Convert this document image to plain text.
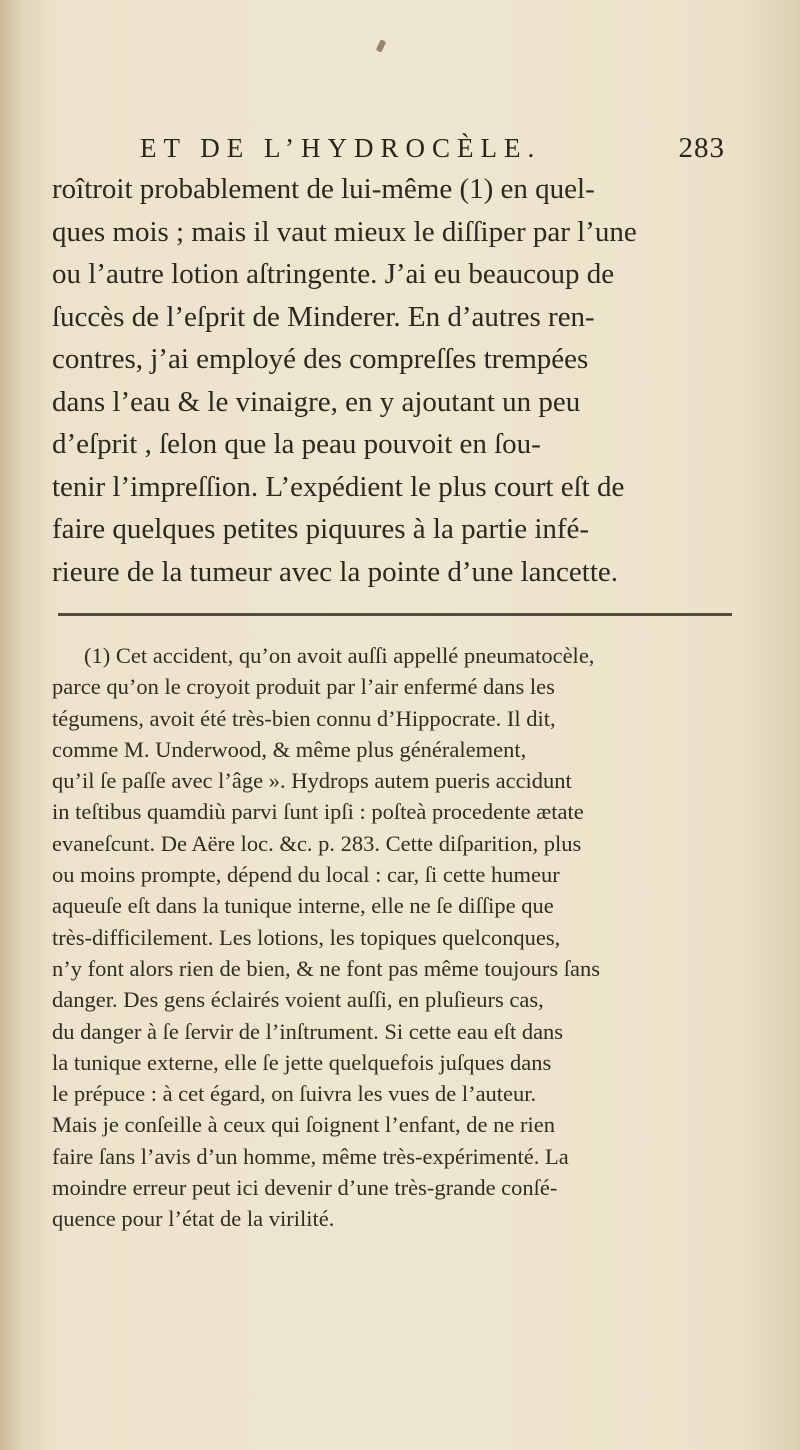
ET DE L’HYDROCÈLE.	283
roîtroit probablement de lui-même (1) en quel-
ques mois ; mais il vaut mieux le diſſiper par l’une
ou l’autre lotion aſtringente. J’ai eu beaucoup de
ſuccès de l’eſprit de Minderer. En d’autres ren-
contres, j’ai employé des compreſſes trempées
dans l’eau & le vinaigre, en y ajoutant un peu
d’eſprit , ſelon que la peau pouvoit en ſou-
tenir l’impreſſion. L’expédient le plus court eſt de
faire quelques petites piquures à la partie infé-
rieure de la tumeur avec la pointe d’une lancette.
(1) Cet accident, qu’on avoit auſſi appellé pneumatocèle,
parce qu’on le croyoit produit par l’air enfermé dans les
tégumens, avoit été très-bien connu d’Hippocrate. Il dit,
comme M. Underwood, & même plus généralement,
qu’il ſe paſſe avec l’âge ». Hydrops autem pueris accidunt
in teſtibus quamdiù parvi ſunt ipſi : poſteà procedente ætate
evaneſcunt. De Aëre loc. &c. p. 283. Cette diſparition, plus
ou moins prompte, dépend du local : car, ſi cette humeur
aqueuſe eſt dans la tunique interne, elle ne ſe diſſipe que
très-difficilement. Les lotions, les topiques quelconques,
n’y font alors rien de bien, & ne font pas même toujours ſans
danger. Des gens éclairés voient auſſi, en pluſieurs cas,
du danger à ſe ſervir de l’inſtrument. Si cette eau eſt dans
la tunique externe, elle ſe jette quelquefois juſques dans
le prépuce : à cet égard, on ſuivra les vues de l’auteur.
Mais je conſeille à ceux qui ſoignent l’enfant, de ne rien
faire ſans l’avis d’un homme, même très-expérimenté. La
moindre erreur peut ici devenir d’une très-grande conſé-
quence pour l’état de la virilité.
